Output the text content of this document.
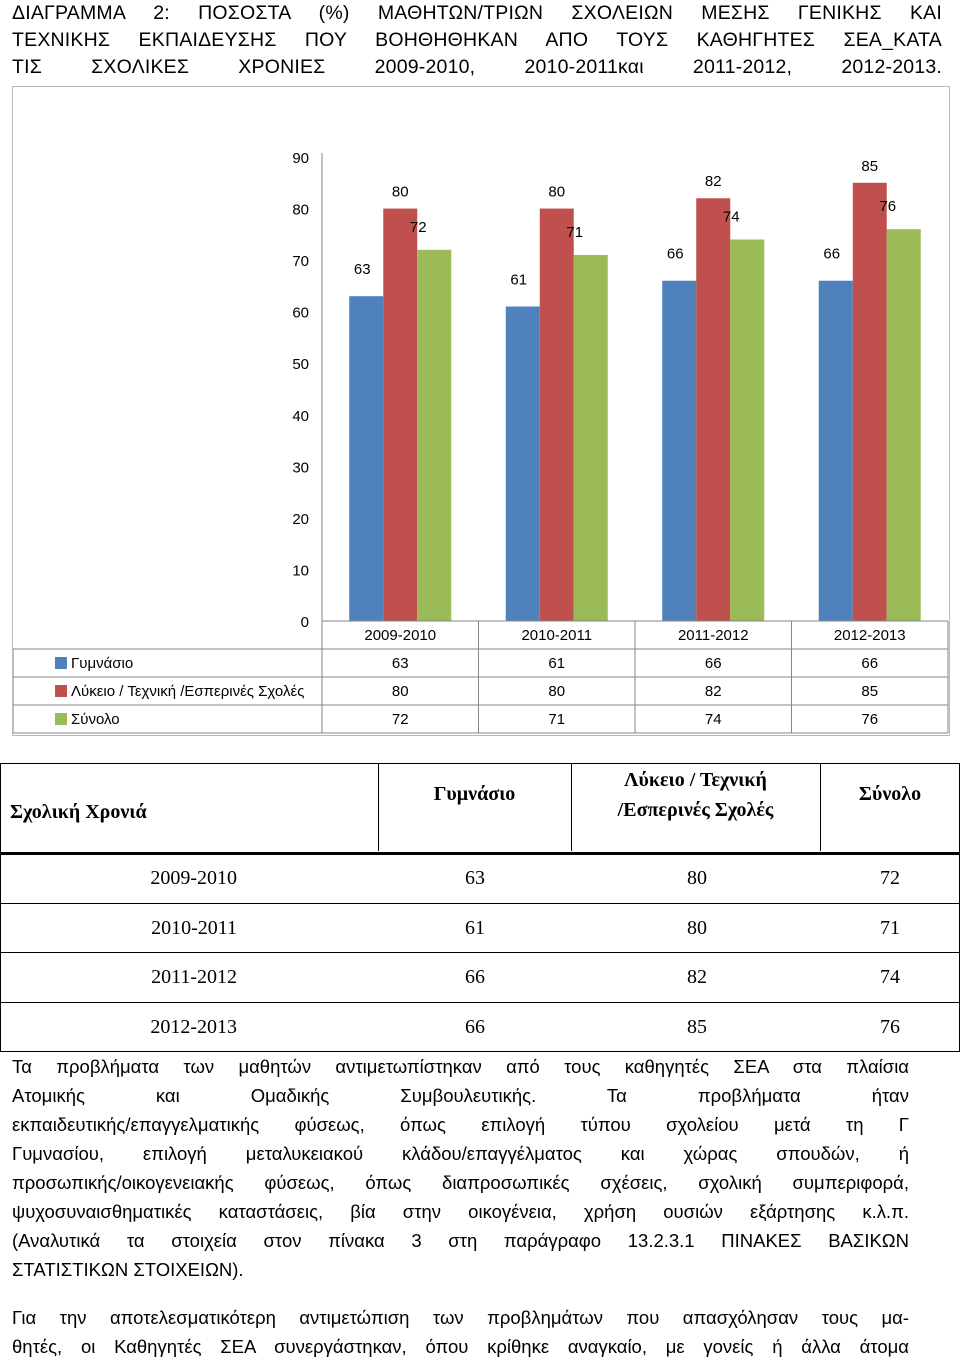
ΔΙΑΓΡΑΜΜΑ 2: ΠΟΣΟΣΤΑ (%) ΜΑΘΗΤΩΝ/ΤΡΙΩΝ ΣΧΟΛΕΙΩΝ ΜΕΣΗΣ ΓΕΝΙΚΗΣ ΚΑΙ
ΤΕΧΝΙΚΗΣ ΕΚΠΑΙΔΕΥΣΗΣ ΠΟΥ ΒΟΗΘΗΘΗΚΑΝ ΑΠΟ ΤΟΥΣ ΚΑΘΗΓΗΤΕΣ ΣΕΑ_ΚΑΤΑ
ΤΙΣ ΣΧΟΛΙΚΕΣ ΧΡΟΝΙΕΣ 2009-2010, 2010-2011και 2011-2012, 2012-2013.
0
10
20
30
40
50
60
70
80
90
63
80
72
61
80
71
66
82
74
66
85
76
2009-2010	2010-2011	2011-2012	2012-2013
Γυμνάσιο	63	61	66	66
Λύκειο / Τεχνική /Εσπερινές Σχολές	80	80	82	85
Σύνολο	72	71	74	76
Σχολική Χρονιά
Γυμνάσιο
Λύκειο / Τεχνική
/Εσπερινές Σχολές
Σύνολο
2009-2010	63	80	72
2010-2011	61	80	71
2011-2012	66	82	74
2012-2013	66	85	76
Τα προβλήματα των μαθητών αντιμετωπίστηκαν από τους καθηγητές ΣΕΑ στα πλαίσια
Ατομικής και Ομαδικής Συμβουλευτικής. Τα προβλήματα ήταν
εκπαιδευτικής/επαγγελματικής φύσεως, όπως επιλογή τύπου σχολείου μετά τη Γ
Γυμνασίου, επιλογή μεταλυκειακού κλάδου/επαγγέλματος και χώρας σπουδών, ή
προσωπικής/οικογενειακής φύσεως, όπως διαπροσωπικές σχέσεις, σχολική συμπεριφορά,
ψυχοσυναισθηματικές καταστάσεις, βία στην οικογένεια, χρήση ουσιών εξάρτησης κ.λ.π.
(Αναλυτικά τα στοιχεία στον πίνακα 3 στη παράγραφο 13.2.3.1 ΠΙΝΑΚΕΣ ΒΑΣΙΚΩΝ
ΣΤΑΤΙΣΤΙΚΩΝ ΣΤΟΙΧΕΙΩΝ).
Για την αποτελεσματικότερη αντιμετώπιση των προβλημάτων που απασχόλησαν τους μα-
θητές, οι Καθηγητές ΣΕΑ συνεργάστηκαν, όπου κρίθηκε αναγκαίο, με γονείς ή άλλα άτομα
